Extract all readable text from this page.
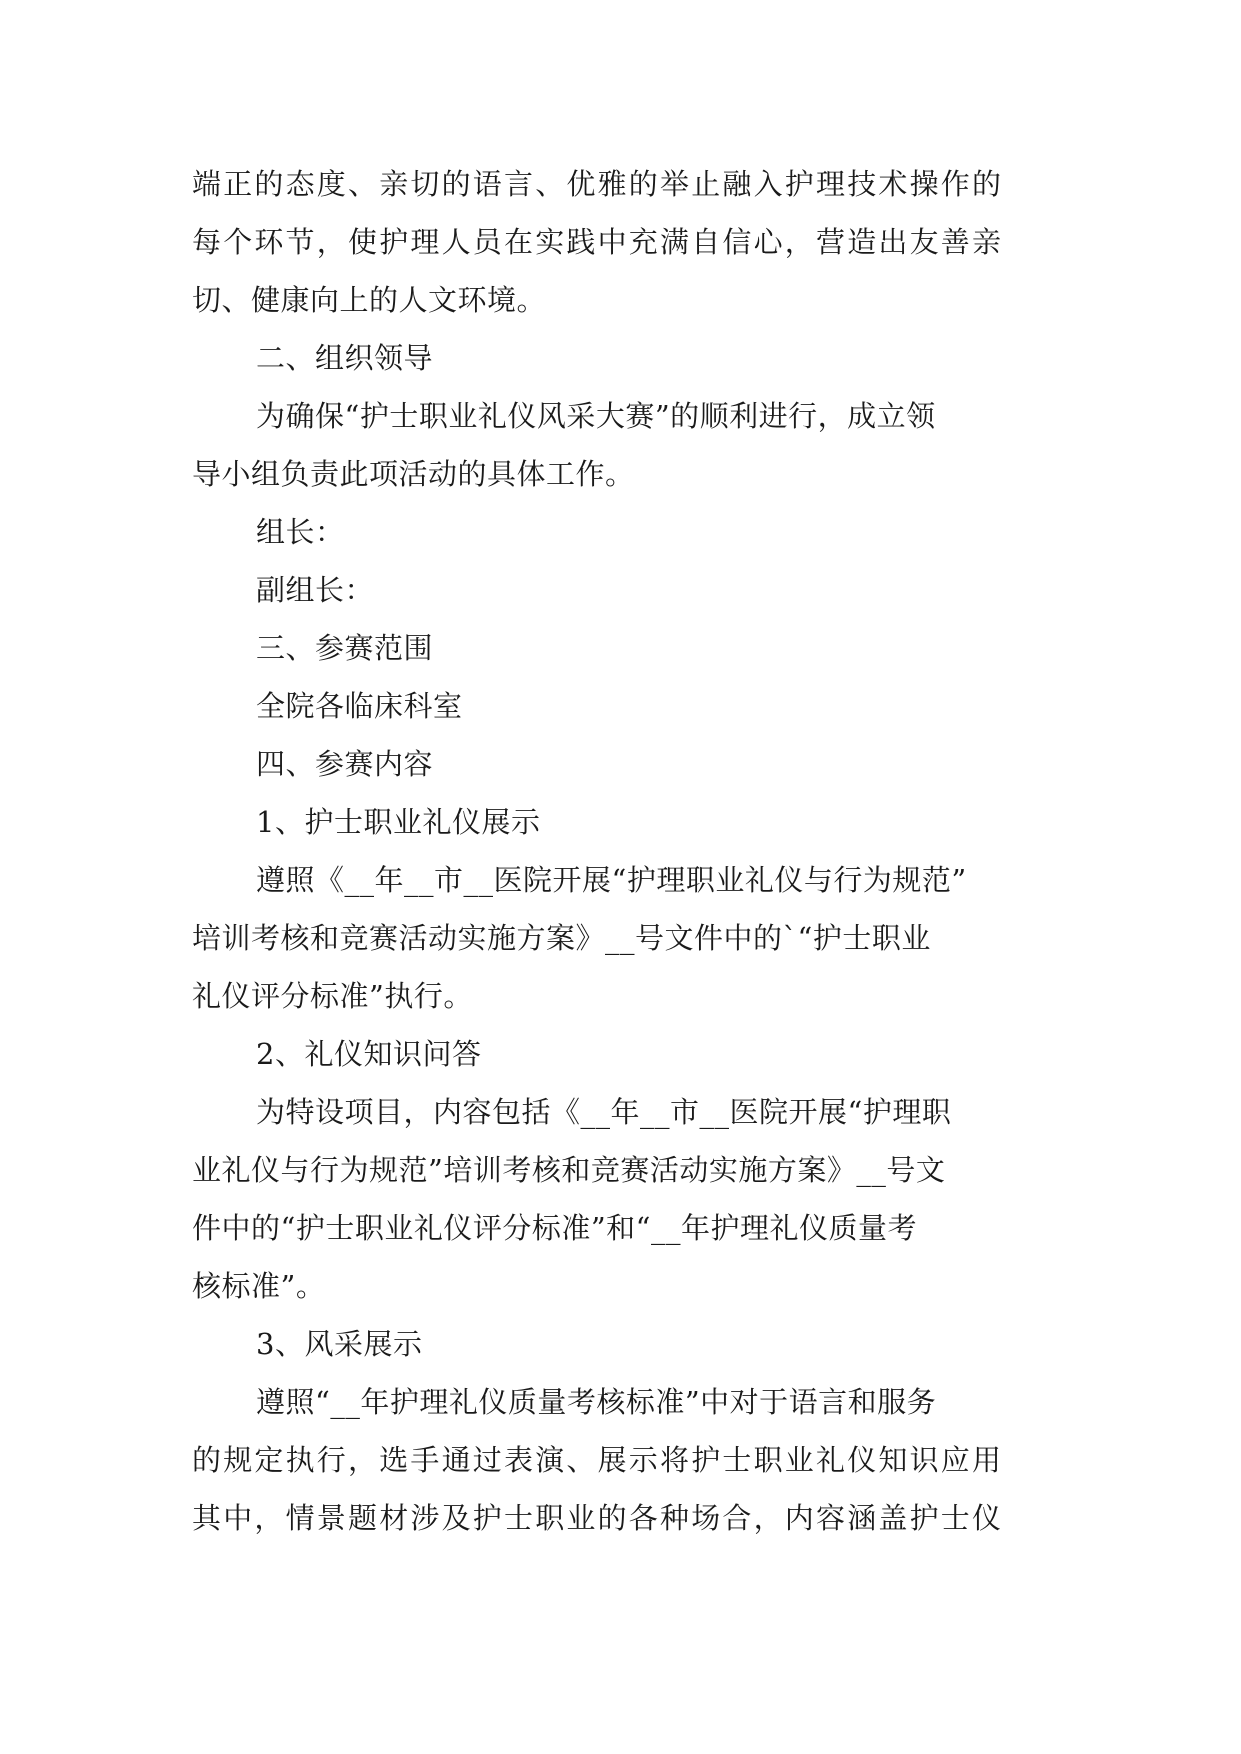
端正的态度、亲切的语言、优雅的举止融入护理技术操作的
每个环节，使护理人员在实践中充满自信心，营造出友善亲
切、健康向上的人文环境。
二、组织领导
为确保“护士职业礼仪风采大赛”的顺利进行，成立领
导小组负责此项活动的具体工作。
组长：
副组长：
三、参赛范围
全院各临床科室
四、参赛内容
1、护士职业礼仪展示
遵照《__年__市__医院开展“护理职业礼仪与行为规范”
培训考核和竞赛活动实施方案》__号文件中的`“护士职业
礼仪评分标准”执行。
2、礼仪知识问答
为特设项目，内容包括《__年__市__医院开展“护理职
业礼仪与行为规范”培训考核和竞赛活动实施方案》__号文
件中的“护士职业礼仪评分标准”和“__年护理礼仪质量考
核标准”。
3、风采展示
遵照“__年护理礼仪质量考核标准”中对于语言和服务
的规定执行，选手通过表演、展示将护士职业礼仪知识应用
其中，情景题材涉及护士职业的各种场合，内容涵盖护士仪
